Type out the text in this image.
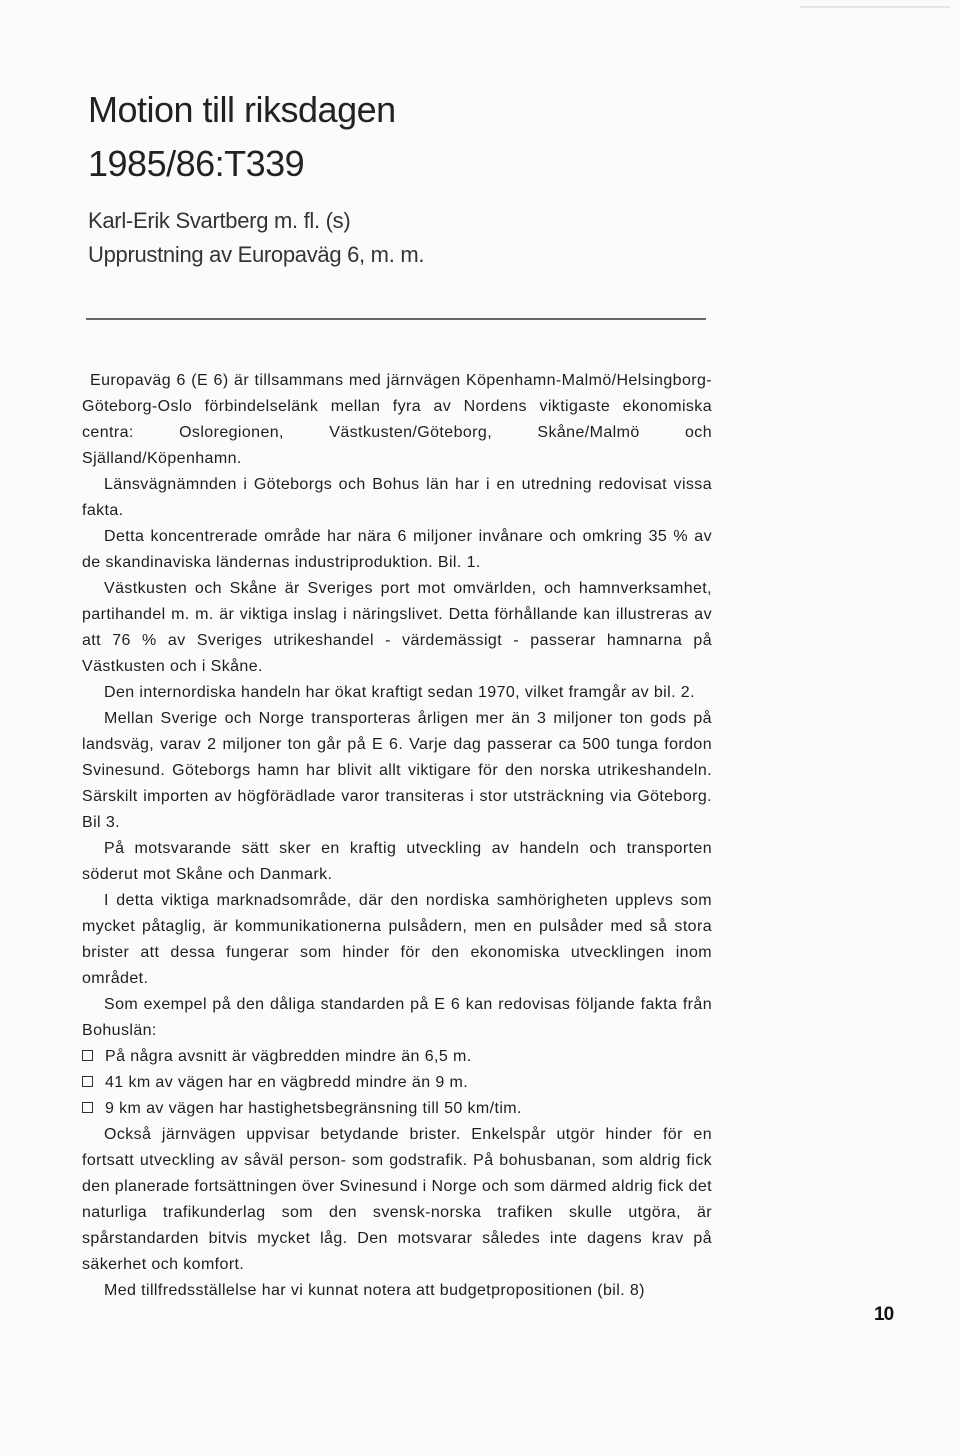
Motion till riksdagen

1985/86:T339

Karl-Erik Svartberg m. fl. (s)

Upprustning av Europaväg 6, m. m.

Europaväg 6 (E 6) är tillsammans med järnvägen Köpenhamn-Malmö/Helsingborg-Göteborg-Oslo förbindelselänk mellan fyra av Nordens viktigaste ekonomiska centra: Osloregionen, Västkusten/Göteborg, Skåne/Malmö och Själland/Köpenhamn.

Länsvägnämnden i Göteborgs och Bohus län har i en utredning redovisat vissa fakta.

Detta koncentrerade område har nära 6 miljoner invånare och omkring 35 % av de skandinaviska ländernas industriproduktion. Bil. 1.

Västkusten och Skåne är Sveriges port mot omvärlden, och hamnverksamhet, partihandel m. m. är viktiga inslag i näringslivet. Detta förhållande kan illustreras av att 76 % av Sveriges utrikeshandel - värdemässigt - passerar hamnarna på Västkusten och i Skåne.

Den internordiska handeln har ökat kraftigt sedan 1970, vilket framgår av bil. 2.

Mellan Sverige och Norge transporteras årligen mer än 3 miljoner ton gods på landsväg, varav 2 miljoner ton går på E 6. Varje dag passerar ca 500 tunga fordon Svinesund. Göteborgs hamn har blivit allt viktigare för den norska utrikeshandeln. Särskilt importen av högförädlade varor transiteras i stor utsträckning via Göteborg. Bil 3.

På motsvarande sätt sker en kraftig utveckling av handeln och transporten söderut mot Skåne och Danmark.

I detta viktiga marknadsområde, där den nordiska samhörigheten upplevs som mycket påtaglig, är kommunikationerna pulsådern, men en pulsåder med så stora brister att dessa fungerar som hinder för den ekonomiska utvecklingen inom området.

Som exempel på den dåliga standarden på E 6 kan redovisas följande fakta från Bohuslän:

På några avsnitt är vägbredden mindre än 6,5 m.
41 km av vägen har en vägbredd mindre än 9 m.
9 km av vägen har hastighetsbegränsning till 50 km/tim.

Också järnvägen uppvisar betydande brister. Enkelspår utgör hinder för en fortsatt utveckling av såväl person- som godstrafik. På bohusbanan, som aldrig fick den planerade fortsättningen över Svinesund i Norge och som därmed aldrig fick det naturliga trafikunderlag som den svensk-norska trafiken skulle utgöra, är spårstandarden bitvis mycket låg. Den motsvarar således inte dagens krav på säkerhet och komfort.

Med tillfredsställelse har vi kunnat notera att budgetpropositionen (bil. 8)

10
